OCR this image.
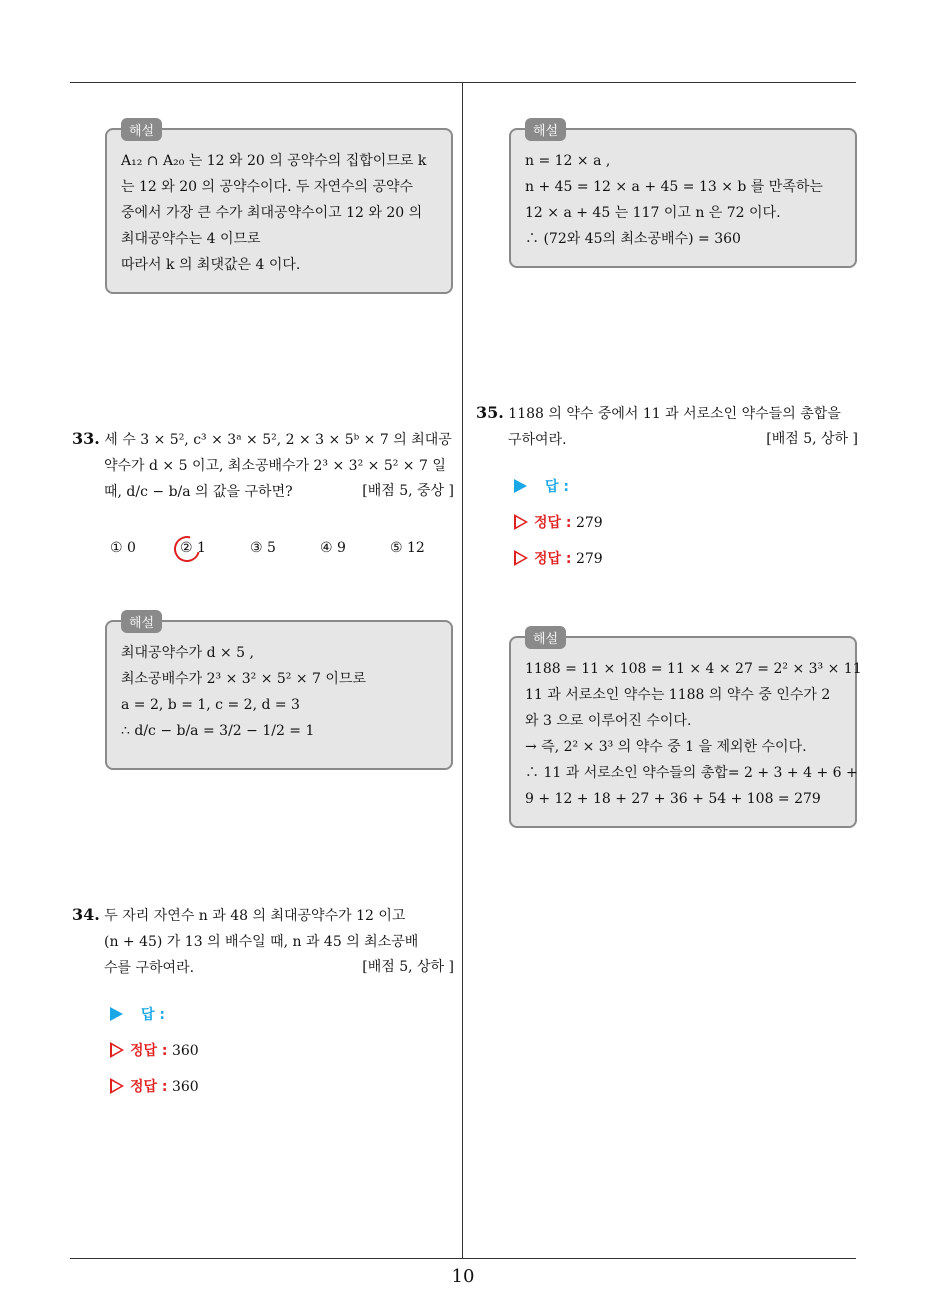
해설
A₁₂ ∩ A₂₀ 는 12 와 20 의 공약수의 집합이므로 k
는 12 와 20 의 공약수이다. 두 자연수의 공약수
중에서 가장 큰 수가 최대공약수이고 12 와 20 의
최대공약수는 4 이므로
따라서 k 의 최댓값은 4 이다.
33. 세 수 3 × 5², c³ × 3ᵃ × 5², 2 × 3 × 5ᵇ × 7 의 최대공
약수가 d × 5 이고, 최소공배수가 2³ × 3² × 5² × 7 일
때, d/c − b/a 의 값을 구하면?	[배점 5, 중상 ]
① 0	② 1	③ 5	④ 9	⑤ 12
해설
최대공약수가 d × 5 ,
최소공배수가 2³ × 3² × 5² × 7 이므로
a = 2, b = 1, c = 2, d = 3
∴ d/c − b/a = 3/2 − 1/2 = 1
34. 두 자리 자연수 n 과 48 의 최대공약수가 12 이고
(n + 45) 가 13 의 배수일 때, n 과 45 의 최소공배
수를 구하여라.	[배점 5, 상하 ]
답 :
정답 : 360
정답 : 360
해설
n = 12 × a ,
n + 45 = 12 × a + 45 = 13 × b 를 만족하는
12 × a + 45 는 117 이고 n 은 72 이다.
∴ (72와 45의 최소공배수) = 360
35. 1188 의 약수 중에서 11 과 서로소인 약수들의 총합을
구하여라.	[배점 5, 상하 ]
답 :
정답 : 279
정답 : 279
해설
1188 = 11 × 108 = 11 × 4 × 27 = 2² × 3³ × 11
11 과 서로소인 약수는 1188 의 약수 중 인수가 2
와 3 으로 이루어진 수이다.
→ 즉, 2² × 3³ 의 약수 중 1 을 제외한 수이다.
∴ 11 과 서로소인 약수들의 총합= 2 + 3 + 4 + 6 +
9 + 12 + 18 + 27 + 36 + 54 + 108 = 279
10
